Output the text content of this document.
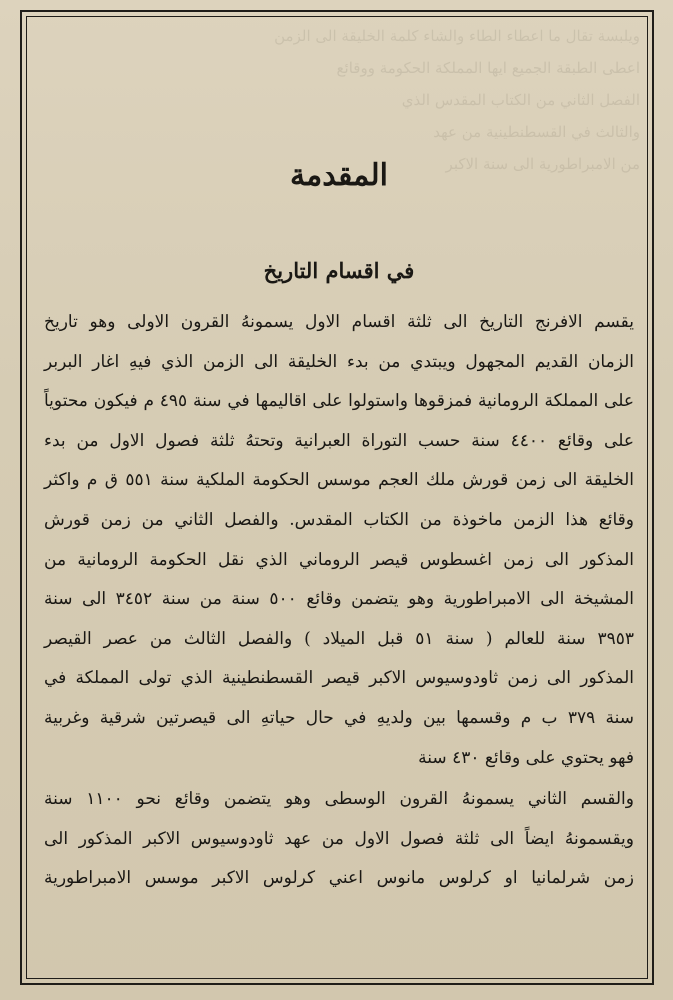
ويلبسة تقال ما اعطاء الطاء والشاء كلمة الخليقة الى الزمن
اعطى الطبقة الجميع ايها المملكة الحكومة ووقائع
الفصل الثاني من الكتاب المقدس الذي
والثالث في القسطنطينية من عهد
من الامبراطورية الى سنة الاكبر
المقدمة
في اقسام التاريخ
يقسم الافرنج التاريخ الى ثلثة اقسام الاول يسمونهُ القرون الاولى وهو تاريخ
الزمان القديم المجهول ويبتدي من بدء الخليقة الى الزمن الذي فيهِ اغار البربر
على المملكة الرومانية فمزقوها واستولوا على اقاليمها في سنة ٤٩٥ م فيكون محتوياً
على وقائع ٤٤٠٠ سنة حسب التوراة العبرانية وتحتهُ ثلثة فصول الاول من بدء
الخليقة الى زمن قورش ملك العجم موسس الحكومة الملكية سنة ٥٥١ ق م واكثر
وقائع هذا الزمن ماخوذة من الكتاب المقدس. والفصل الثاني من زمن قورش
المذكور الى زمن اغسطوس قيصر الروماني الذي نقل الحكومة الرومانية من
المشيخة الى الامبراطورية وهو يتضمن وقائع ٥٠٠ سنة من سنة ٣٤٥٢ الى سنة
٣٩٥٣ سنة للعالم ( سنة ٥١ قبل الميلاد ) والفصل الثالث من عصر القيصر
المذكور الى زمن ثاودوسيوس الاكبر قيصر القسطنطينية الذي تولى المملكة في
سنة ٣٧٩ ب م وقسمها بين ولديهِ في حال حياتهِ الى قيصرتين شرقية وغربية
فهو يحتوي على وقائع ٤٣٠ سنة
والقسم الثاني يسمونهُ القرون الوسطى وهو يتضمن وقائع نحو ١١٠٠ سنة
ويقسمونهُ ايضاً الى ثلثة فصول الاول من عهد ثاودوسيوس الاكبر المذكور الى
زمن شرلمانيا او كرلوس مانوس اعني كرلوس الاكبر موسس الامبراطورية
